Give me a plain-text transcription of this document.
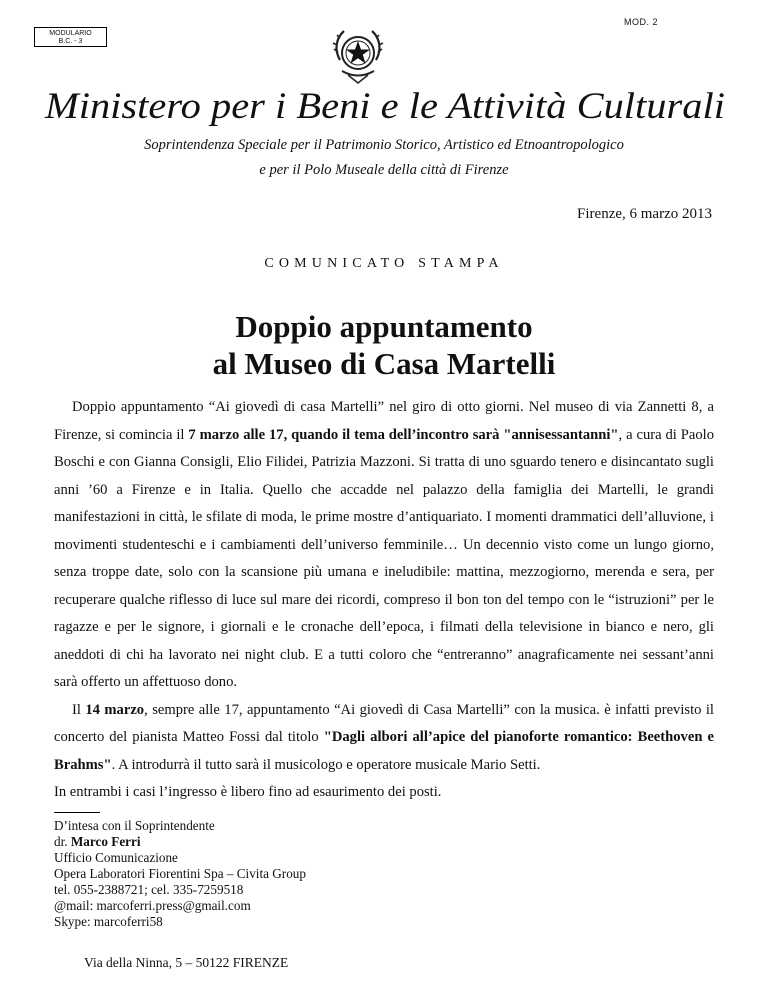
MODULARIO
B.C. - 3
MOD. 2
Ministero per i Beni e le Attività Culturali
Soprintendenza Speciale per il Patrimonio Storico, Artistico ed Etnoantropologico
e per il Polo Museale della città di Firenze
Firenze, 6 marzo 2013
COMUNICATO STAMPA
Doppio appuntamento
al Museo di Casa Martelli

Doppio appuntamento “Ai giovedì di casa Martelli” nel giro di otto giorni. Nel museo di via Zannetti 8, a Firenze, si comincia il 7 marzo alle 17, quando il tema dell’incontro sarà "annisessantanni", a cura di Paolo Boschi e con Gianna Consigli, Elio Filidei, Patrizia Mazzoni. Si tratta di uno sguardo tenero e disincantato sugli anni ’60 a Firenze e in Italia. Quello che accadde nel palazzo della famiglia dei Martelli, le grandi manifestazioni in città, le sfilate di moda, le prime mostre d’antiquariato. I momenti drammatici dell’alluvione, i movimenti studenteschi e i cambiamenti dell’universo femminile… Un decennio visto come un lungo giorno, senza troppe date, solo con la scansione più umana e ineludibile: mattina, mezzogiorno, merenda e sera, per recuperare qualche riflesso di luce sul mare dei ricordi, compreso il bon ton del tempo con le “istruzioni” per le ragazze e per le signore, i giornali e le cronache dell’epoca, i filmati della televisione in bianco e nero, gli aneddoti di chi ha lavorato nei night club. E a tutti coloro che “entreranno” anagraficamente nei sessant’anni sarà offerto un affettuoso dono.

Il 14 marzo, sempre alle 17, appuntamento “Ai giovedì di Casa Martelli” con la musica. è infatti previsto il concerto del pianista Matteo Fossi dal titolo "Dagli albori all’apice del pianoforte romantico: Beethoven e Brahms". A introdurrà il tutto sarà il musicologo e operatore musicale Mario Setti.

In entrambi i casi l’ingresso è libero fino ad esaurimento dei posti.

D’intesa con il Soprintendente
dr. Marco Ferri
Ufficio Comunicazione
Opera Laboratori Fiorentini Spa – Civita Group
tel. 055-2388721; cel. 335-7259518
@mail: marcoferri.press@gmail.com
Skype: marcoferri58
Via della Ninna, 5 – 50122 FIRENZE
